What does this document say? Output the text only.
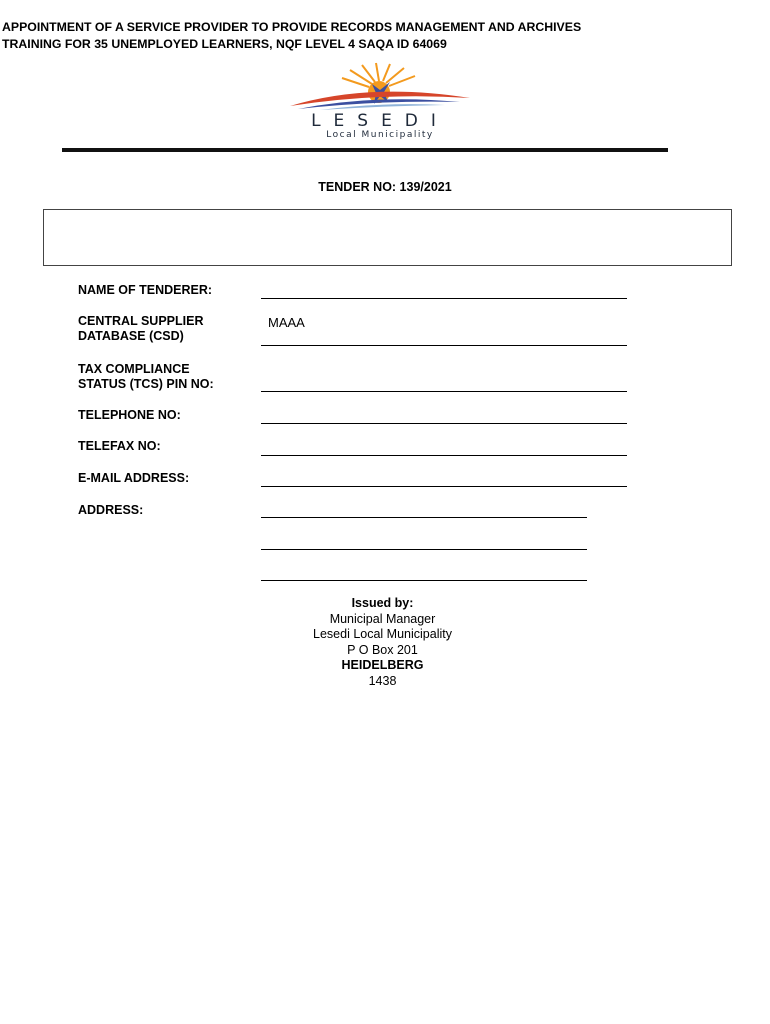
LESEDI
Local Municipality
TENDER NO: 139/2021
APPOINTMENT OF A SERVICE PROVIDER TO PROVIDE RECORDS MANAGEMENT AND ARCHIVES
TRAINING FOR 35 UNEMPLOYED LEARNERS, NQF LEVEL 4 SAQA ID 64069
NAME OF TENDERER:
CENTRAL SUPPLIER
DATABASE (CSD)
MAAA
TAX COMPLIANCE
STATUS (TCS) PIN NO:
TELEPHONE NO:
TELEFAX NO:
E-MAIL ADDRESS:
ADDRESS:
Issued by:
Municipal Manager
Lesedi Local Municipality
P O Box 201
HEIDELBERG
1438
